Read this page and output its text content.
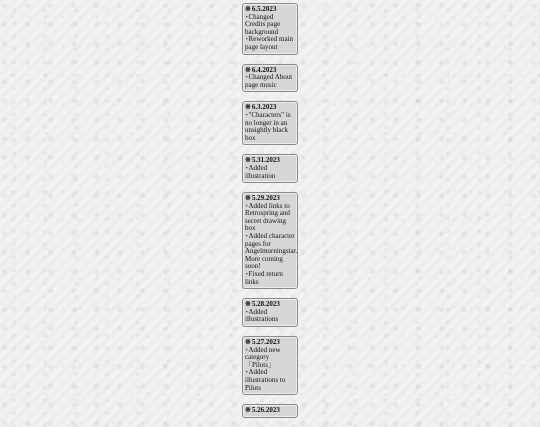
※ 6.5.2023
･Changed Credits page background
･Reworked main page layout
※ 6.4.2023
･Changed About page music
※ 6.3.2023
･"Characters" is no longer in an unsightly black box
※ 5.31.2023
･Added illustration
※ 5.29.2023
･Added links to Retrospring and secret drawing box
･Added character pages for Angelmorningstar. More coming soon!
･Fixed return links
※ 5.28.2023
･Added illustrations
※ 5.27.2023
･Added new category「Pilots」
･Added illustrations to Pilots
※ 5.26.2023
